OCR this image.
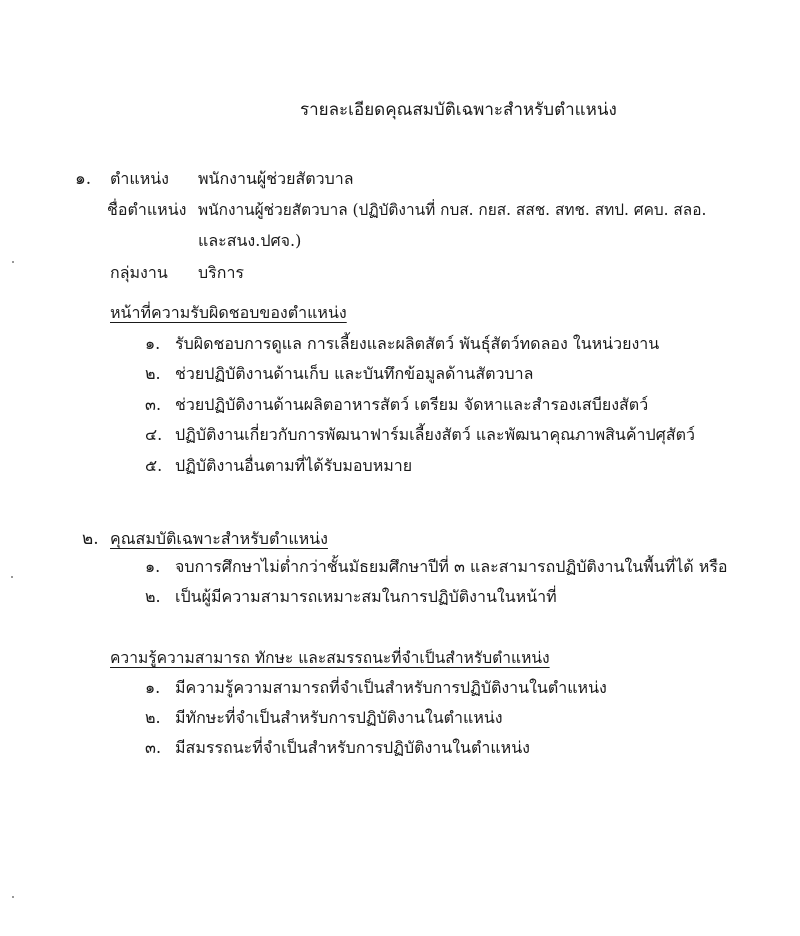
รายละเอียดคุณสมบัติเฉพาะสำหรับตำแหน่ง
๑. ตำแหน่ง พนักงานผู้ช่วยสัตวบาล
ชื่อตำแหน่ง พนักงานผู้ช่วยสัตวบาล (ปฏิบัติงานที่ กบส. กยส. สสช. สทช. สทป. ศคบ. สลอ.
และสนง.ปศจ.)
กลุ่มงาน บริการ
หน้าที่ความรับผิดชอบของตำแหน่ง
๑. รับผิดชอบการดูแล การเลี้ยงและผลิตสัตว์ พันธุ์สัตว์ทดลอง ในหน่วยงาน
๒. ช่วยปฏิบัติงานด้านเก็บ และบันทึกข้อมูลด้านสัตวบาล
๓. ช่วยปฏิบัติงานด้านผลิตอาหารสัตว์ เตรียม จัดหาและสำรองเสบียงสัตว์
๔. ปฏิบัติงานเกี่ยวกับการพัฒนาฟาร์มเลี้ยงสัตว์ และพัฒนาคุณภาพสินค้าปศุสัตว์
๕. ปฏิบัติงานอื่นตามที่ได้รับมอบหมาย
๒. คุณสมบัติเฉพาะสำหรับตำแหน่ง
๑. จบการศึกษาไม่ต่ำกว่าชั้นมัธยมศึกษาปีที่ ๓ และสามารถปฏิบัติงานในพื้นที่ได้ หรือ
๒. เป็นผู้มีความสามารถเหมาะสมในการปฏิบัติงานในหน้าที่
ความรู้ความสามารถ ทักษะ และสมรรถนะที่จำเป็นสำหรับตำแหน่ง
๑. มีความรู้ความสามารถที่จำเป็นสำหรับการปฏิบัติงานในตำแหน่ง
๒. มีทักษะที่จำเป็นสำหรับการปฏิบัติงานในตำแหน่ง
๓. มีสมรรถนะที่จำเป็นสำหรับการปฏิบัติงานในตำแหน่ง
